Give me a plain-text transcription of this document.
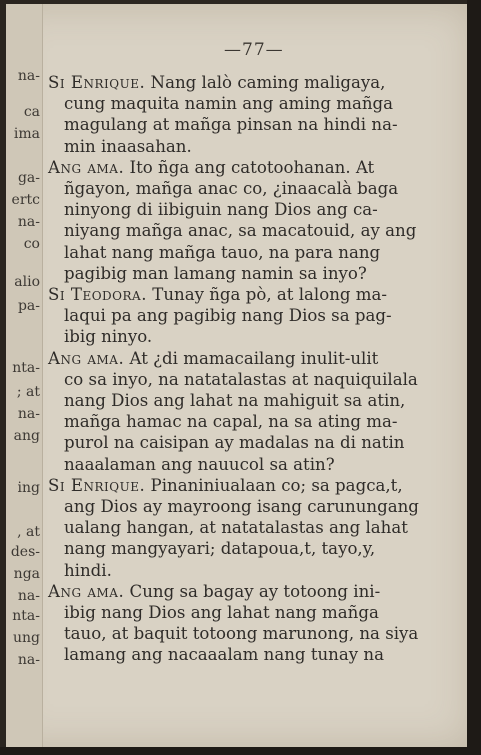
na-
ca
ima
ga-
ertc
na-
co
alio
pa-
nta-
; at
na-
ang
ing
, at
des-
nga
na-
nta-
ung
na-
—77—
Si Enrique. Nang lalò caming maligaya,
cung maquita namin ang aming mañga
magulang at mañga pinsan na hindi na-
min inaasahan.
Ang ama. Ito ñga ang catotoohanan. At
ñgayon, mañga anac co, ¿inaacalà baga
ninyong di iibiguin nang Dios ang ca-
niyang mañga anac, sa macatouid, ay ang
lahat nang mañga tauo, na para nang
pagibig man lamang namin sa inyo?
Si Teodora. Tunay ñga pò, at lalong ma-
laqui pa ang pagibig nang Dios sa pag-
ibig ninyo.
Ang ama. At ¿di mamacailang inulit-ulit
co sa inyo, na natatalastas at naquiquilala
nang Dios ang lahat na mahiguit sa atin,
mañga hamac na capal, na sa ating ma-
purol na caisipan ay madalas na di natin
naaalaman ang nauucol sa atin?
Si Enrique. Pinaniniualaan co; sa pagca,t,
ang Dios ay mayroong isang carunungang
ualang hangan, at natatalastas ang lahat
nang mangyayari; datapoua,t, tayo,y,
hindi.
Ang ama. Cung sa bagay ay totoong ini-
ibig nang Dios ang lahat nang mañga
tauo, at baquit totoong marunong, na siya
lamang ang nacaaalam nang tunay na
